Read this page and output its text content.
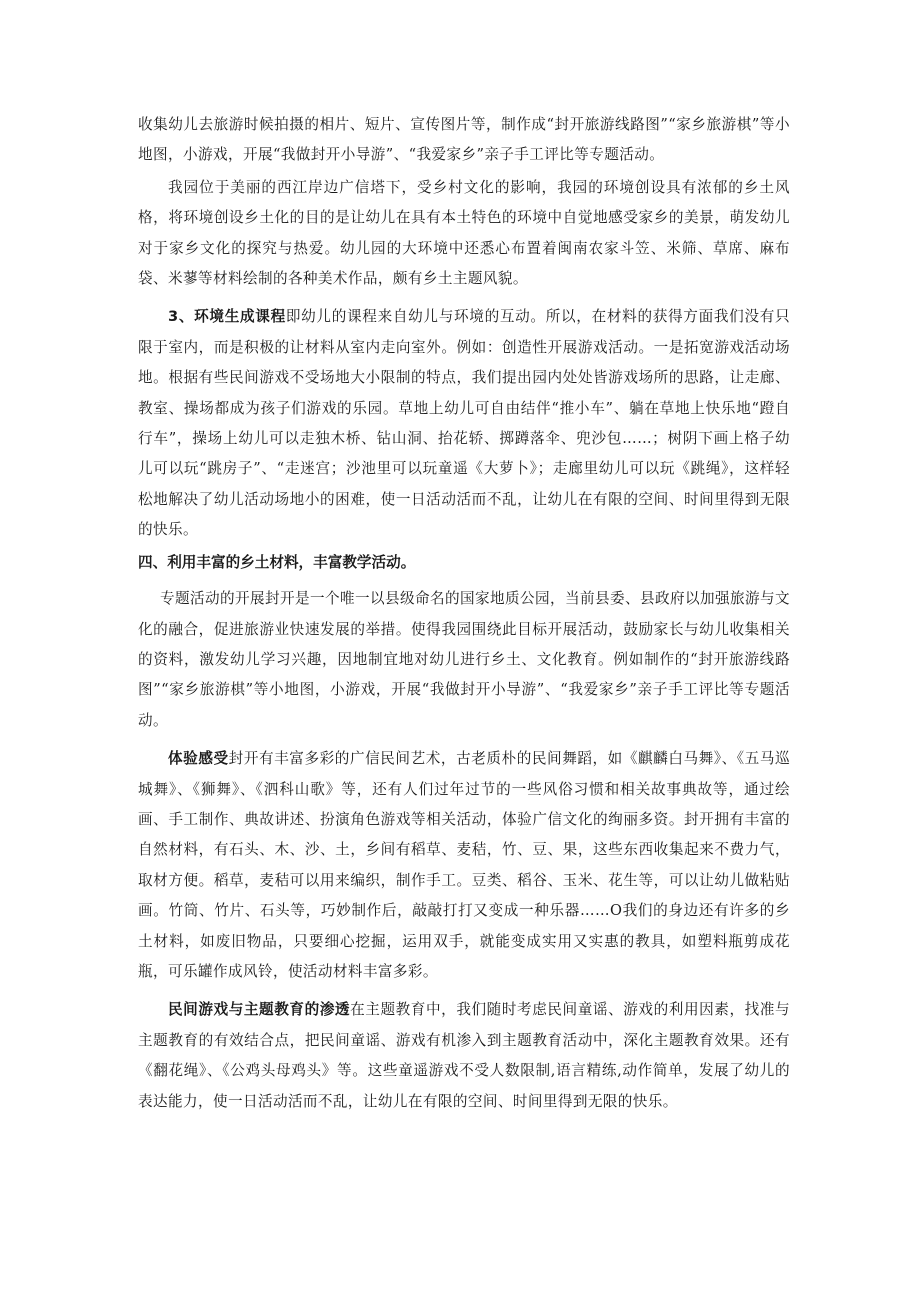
收集幼儿去旅游时候拍摄的相片、短片、宣传图片等，制作成“封开旅游线路图”“家乡旅游棋”等小地图，小游戏，开展“我做封开小导游”、“我爱家乡”亲子手工评比等专题活动。

我园位于美丽的西江岸边广信塔下，受乡村文化的影响，我园的环境创设具有浓郁的乡土风格，将环境创设乡土化的目的是让幼儿在具有本土特色的环境中自觉地感受家乡的美景，萌发幼儿对于家乡文化的探究与热爱。幼儿园的大环境中还悉心布置着闽南农家斗笠、米筛、草席、麻布袋、米蓼等材料绘制的各种美术作品，颇有乡土主题风貌。

3、环境生成课程即幼儿的课程来自幼儿与环境的互动。所以，在材料的获得方面我们没有只限于室内，而是积极的让材料从室内走向室外。例如：创造性开展游戏活动。一是拓宽游戏活动场地。根据有些民间游戏不受场地大小限制的特点，我们提出园内处处皆游戏场所的思路，让走廊、教室、操场都成为孩子们游戏的乐园。草地上幼儿可自由结伴“推小车”、躺在草地上快乐地“蹬自行车”，操场上幼儿可以走独木桥、钻山洞、抬花轿、掷蹲落伞、兜沙包……；树阴下画上格子幼儿可以玩“跳房子”、“走迷宫；沙池里可以玩童遥《大萝卜》；走廊里幼儿可以玩《跳绳》，这样轻松地解决了幼儿活动场地小的困难，使一日活动活而不乱，让幼儿在有限的空间、时间里得到无限的快乐。

四、利用丰富的乡土材料，丰富教学活动。

专题活动的开展封开是一个唯一以县级命名的国家地质公园，当前县委、县政府以加强旅游与文化的融合，促进旅游业快速发展的举措。使得我园围绕此目标开展活动，鼓励家长与幼儿收集相关的资料，激发幼儿学习兴趣，因地制宜地对幼儿进行乡土、文化教育。例如制作的“封开旅游线路图”“家乡旅游棋”等小地图，小游戏，开展“我做封开小导游”、“我爱家乡”亲子手工评比等专题活动。

体验感受封开有丰富多彩的广信民间艺术，古老质朴的民间舞蹈，如《麒麟白马舞》、《五马巡城舞》、《狮舞》、《泗科山歌》等，还有人们过年过节的一些风俗习惯和相关故事典故等，通过绘画、手工制作、典故讲述、扮演角色游戏等相关活动，体验广信文化的绚丽多资。封开拥有丰富的自然材料，有石头、木、沙、土，乡间有稻草、麦秸，竹、豆、果，这些东西收集起来不费力气，取材方便。稻草，麦秸可以用来编织，制作手工。豆类、稻谷、玉米、花生等，可以让幼儿做粘贴画。竹筒、竹片、石头等，巧妙制作后，敲敲打打又变成一种乐器……O我们的身边还有许多的乡土材料，如废旧物品，只要细心挖掘，运用双手，就能变成实用又实惠的教具，如塑料瓶剪成花瓶，可乐罐作成风铃，使活动材料丰富多彩。

民间游戏与主题教育的渗透在主题教育中，我们随时考虑民间童谣、游戏的利用因素，找准与主题教育的有效结合点，把民间童谣、游戏有机渗入到主题教育活动中，深化主题教育效果。还有《翻花绳》、《公鸡头母鸡头》等。这些童遥游戏不受人数限制,语言精练,动作简单，发展了幼儿的表达能力，使一日活动活而不乱，让幼儿在有限的空间、时间里得到无限的快乐。
